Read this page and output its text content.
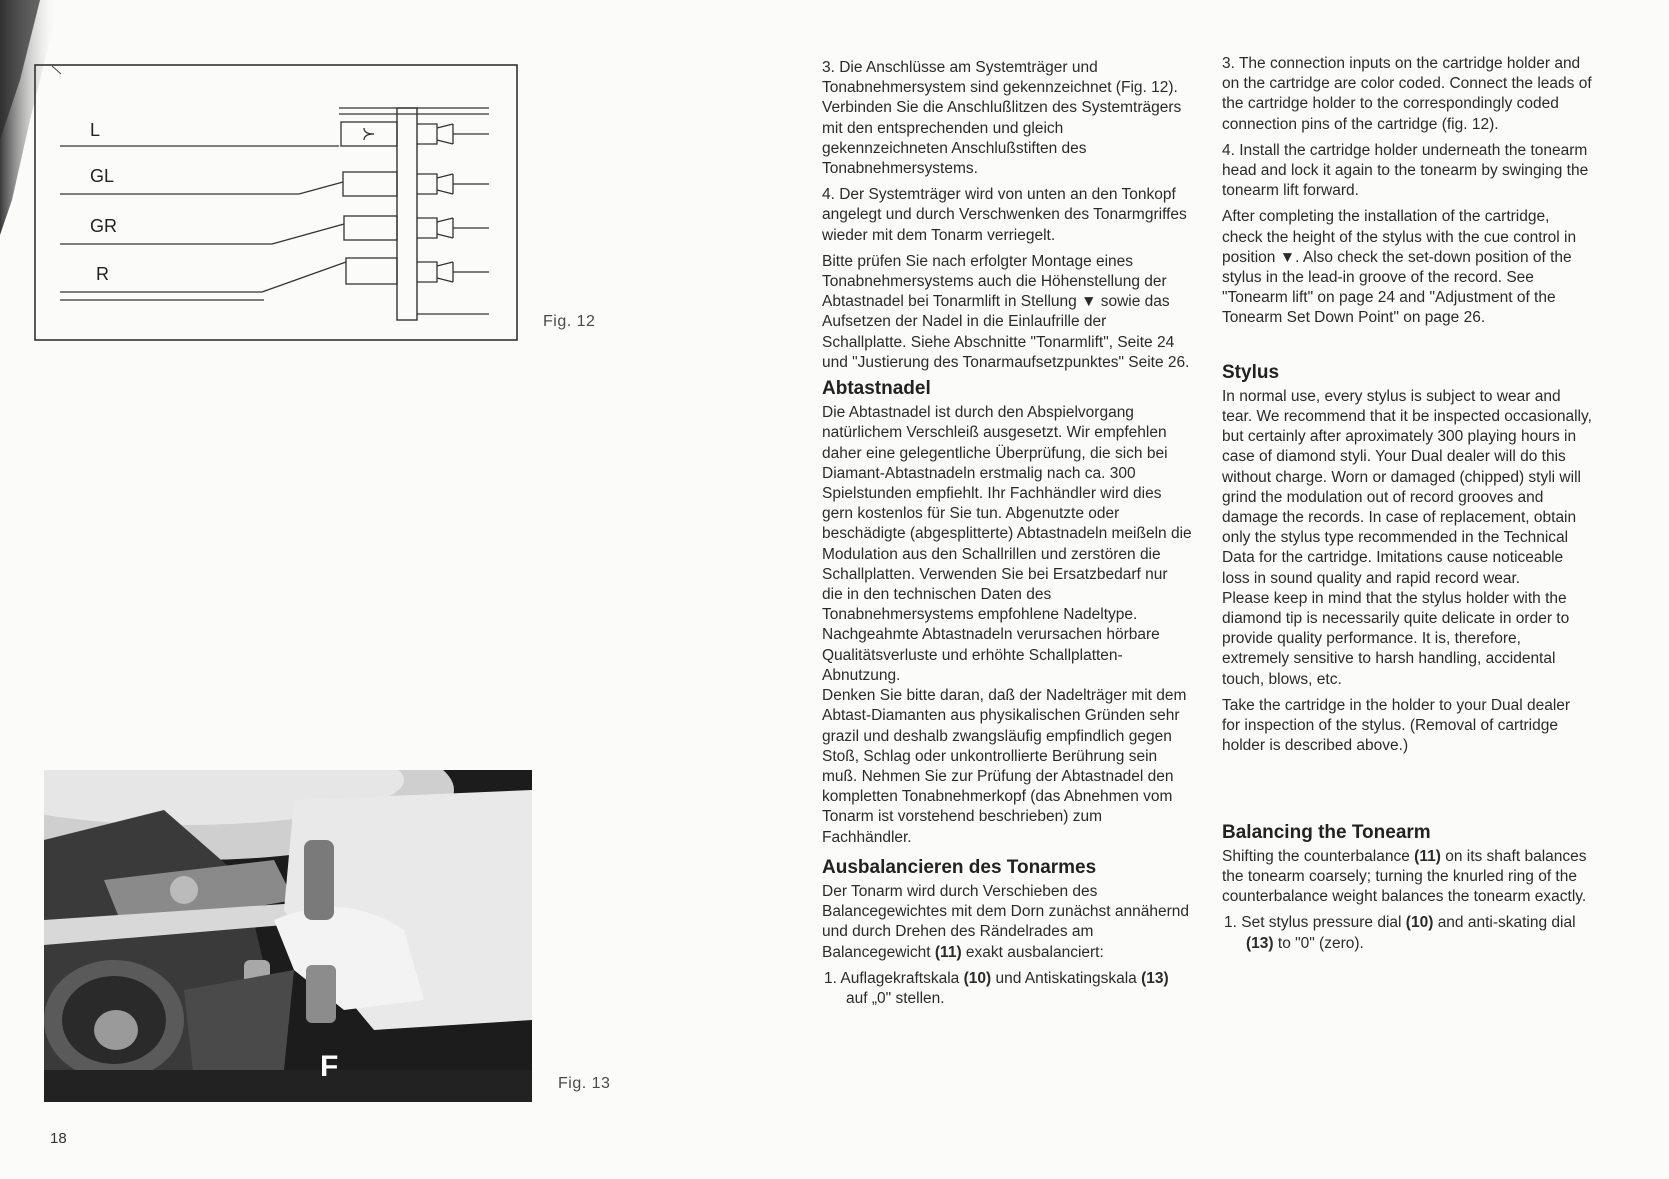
L
GL
GR
R
Fig. 12
F
Fig. 13
18

3. Die Anschlüsse am Systemträger und Tonabnehmersystem sind gekennzeichnet (Fig. 12). Verbinden Sie die Anschlußlitzen des Systemträgers mit den entsprechenden und gleich gekennzeichneten Anschlußstiften des Tonabnehmersystems.

4. Der Systemträger wird von unten an den Tonkopf angelegt und durch Verschwenken des Tonarmgriffes wieder mit dem Tonarm verriegelt.

Bitte prüfen Sie nach erfolgter Montage eines Tonabnehmersystems auch die Höhenstellung der Abtastnadel bei Tonarmlift in Stellung ▼ sowie das Aufsetzen der Nadel in die Einlaufrille der Schallplatte. Siehe Abschnitte "Tonarmlift", Seite 24 und "Justierung des Tonarmaufsetzpunktes" Seite 26.

Abtastnadel

Die Abtastnadel ist durch den Abspielvorgang natürlichem Verschleiß ausgesetzt. Wir empfehlen daher eine gelegentliche Überprüfung, die sich bei Diamant-Abtastnadeln erstmalig nach ca. 300 Spielstunden empfiehlt. Ihr Fachhändler wird dies gern kostenlos für Sie tun. Abgenutzte oder beschädigte (abgesplitterte) Abtastnadeln meißeln die Modulation aus den Schallrillen und zerstören die Schallplatten. Verwenden Sie bei Ersatzbedarf nur die in den technischen Daten des Tonabnehmersystems empfohlene Nadeltype. Nachgeahmte Abtastnadeln verursachen hörbare Qualitätsverluste und erhöhte Schallplatten-Abnutzung.

Denken Sie bitte daran, daß der Nadelträger mit dem Abtast-Diamanten aus physikalischen Gründen sehr grazil und deshalb zwangsläufig empfindlich gegen Stoß, Schlag oder unkontrollierte Berührung sein muß. Nehmen Sie zur Prüfung der Abtastnadel den kompletten Tonabnehmerkopf (das Abnehmen vom Tonarm ist vorstehend beschrieben) zum Fachhändler.

Ausbalancieren des Tonarmes

Der Tonarm wird durch Verschieben des Balancegewichtes mit dem Dorn zunächst annähernd und durch Drehen des Rändelrades am Balancegewicht (11) exakt ausbalanciert:

1. Auflagekraftskala (10) und Antiskatingskala (13) auf „0" stellen.

3. The connection inputs on the cartridge holder and on the cartridge are color coded. Connect the leads of the cartridge holder to the correspondingly coded connection pins of the cartridge (fig. 12).

4. Install the cartridge holder underneath the tonearm head and lock it again to the tonearm by swinging the tonearm lift forward.

After completing the installation of the cartridge, check the height of the stylus with the cue control in position ▼. Also check the set-down position of the stylus in the lead-in groove of the record. See "Tonearm lift" on page 24 and "Adjustment of the Tonearm Set Down Point" on page 26.

Stylus

In normal use, every stylus is subject to wear and tear. We recommend that it be inspected occasionally, but certainly after aproximately 300 playing hours in case of diamond styli. Your Dual dealer will do this without charge. Worn or damaged (chipped) styli will grind the modulation out of record grooves and damage the records. In case of replacement, obtain only the stylus type recommended in the Technical Data for the cartridge. Imitations cause noticeable loss in sound quality and rapid record wear.

Please keep in mind that the stylus holder with the diamond tip is necessarily quite delicate in order to provide quality performance. It is, therefore, extremely sensitive to harsh handling, accidental touch, blows, etc.

Take the cartridge in the holder to your Dual dealer for inspection of the stylus. (Removal of cartridge holder is described above.)

Balancing the Tonearm

Shifting the counterbalance (11) on its shaft balances the tonearm coarsely; turning the knurled ring of the counterbalance weight balances the tonearm exactly.

1. Set stylus pressure dial (10) and anti-skating dial (13) to "0" (zero).
